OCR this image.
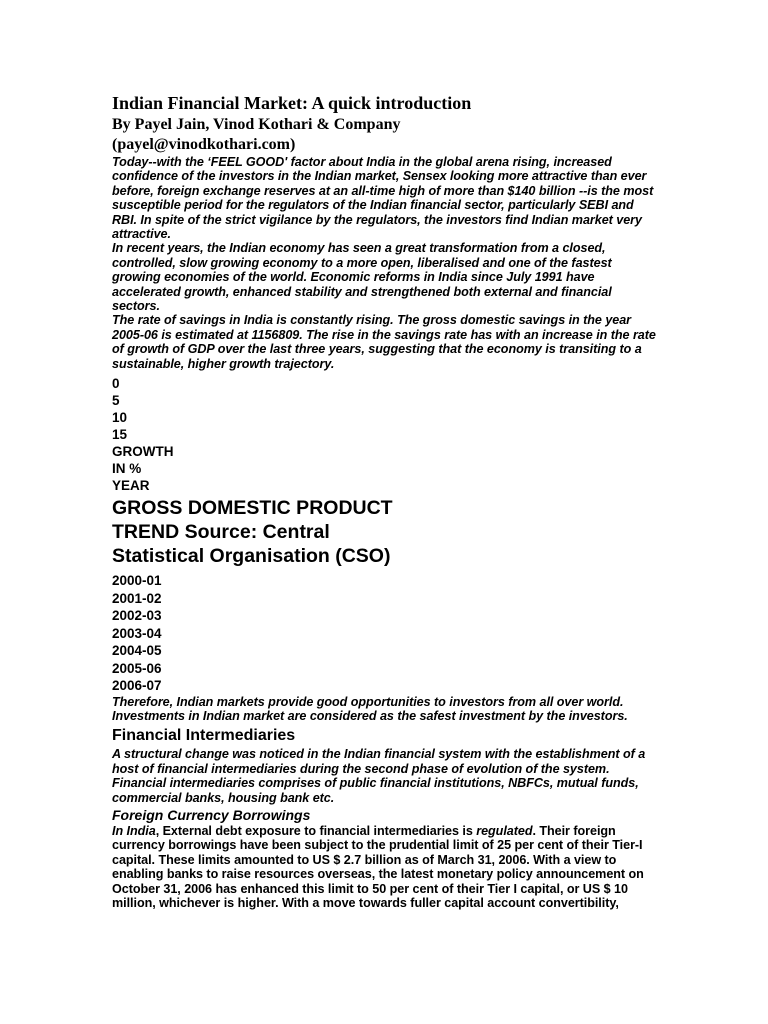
Indian Financial Market: A quick introduction

By Payel Jain, Vinod Kothari & Company

(payel@vinodkothari.com)

Today--with the ‘FEEL GOOD' factor about India in the global arena rising, increased confidence of the investors in the Indian market, Sensex looking more attractive than ever before, foreign exchange reserves at an all-time high of more than $140 billion --is the most susceptible period for the regulators of the Indian financial sector, particularly SEBI and RBI. In spite of the strict vigilance by the regulators, the investors find Indian market very attractive.

In recent years, the Indian economy has seen a great transformation from a closed, controlled, slow growing economy to a more open, liberalised and one of the fastest growing economies of the world. Economic reforms in India since July 1991 have accelerated growth, enhanced stability and strengthened both external and financial sectors.

The rate of savings in India is constantly rising. The gross domestic savings in the year 2005-06 is estimated at 1156809. The rise in the savings rate has with an increase in the rate of growth of GDP over the last three years, suggesting that the economy is transiting to a sustainable, higher growth trajectory.

0

5

10

15

GROWTH

IN %

YEAR

GROSS DOMESTIC PRODUCT
TREND Source: Central
Statistical Organisation (CSO)
2000-01
2001-02
2002-03
2003-04
2004-05
2005-06
2006-07

Therefore, Indian markets provide good opportunities to investors from all over world. Investments in Indian market are considered as the safest investment by the investors.

Financial Intermediaries

A structural change was noticed in the Indian financial system with the establishment of a host of financial intermediaries during the second phase of evolution of the system. Financial intermediaries comprises of public financial institutions, NBFCs, mutual funds, commercial banks, housing bank etc.

Foreign Currency Borrowings

In India, External debt exposure to financial intermediaries is regulated. Their foreign currency borrowings have been subject to the prudential limit of 25 per cent of their Tier-I capital. These limits amounted to US $ 2.7 billion as of March 31, 2006. With a view to enabling banks to raise resources overseas, the latest monetary policy announcement on October 31, 2006 has enhanced this limit to 50 per cent of their Tier I capital, or US $ 10 million, whichever is higher. With a move towards fuller capital account convertibility,
